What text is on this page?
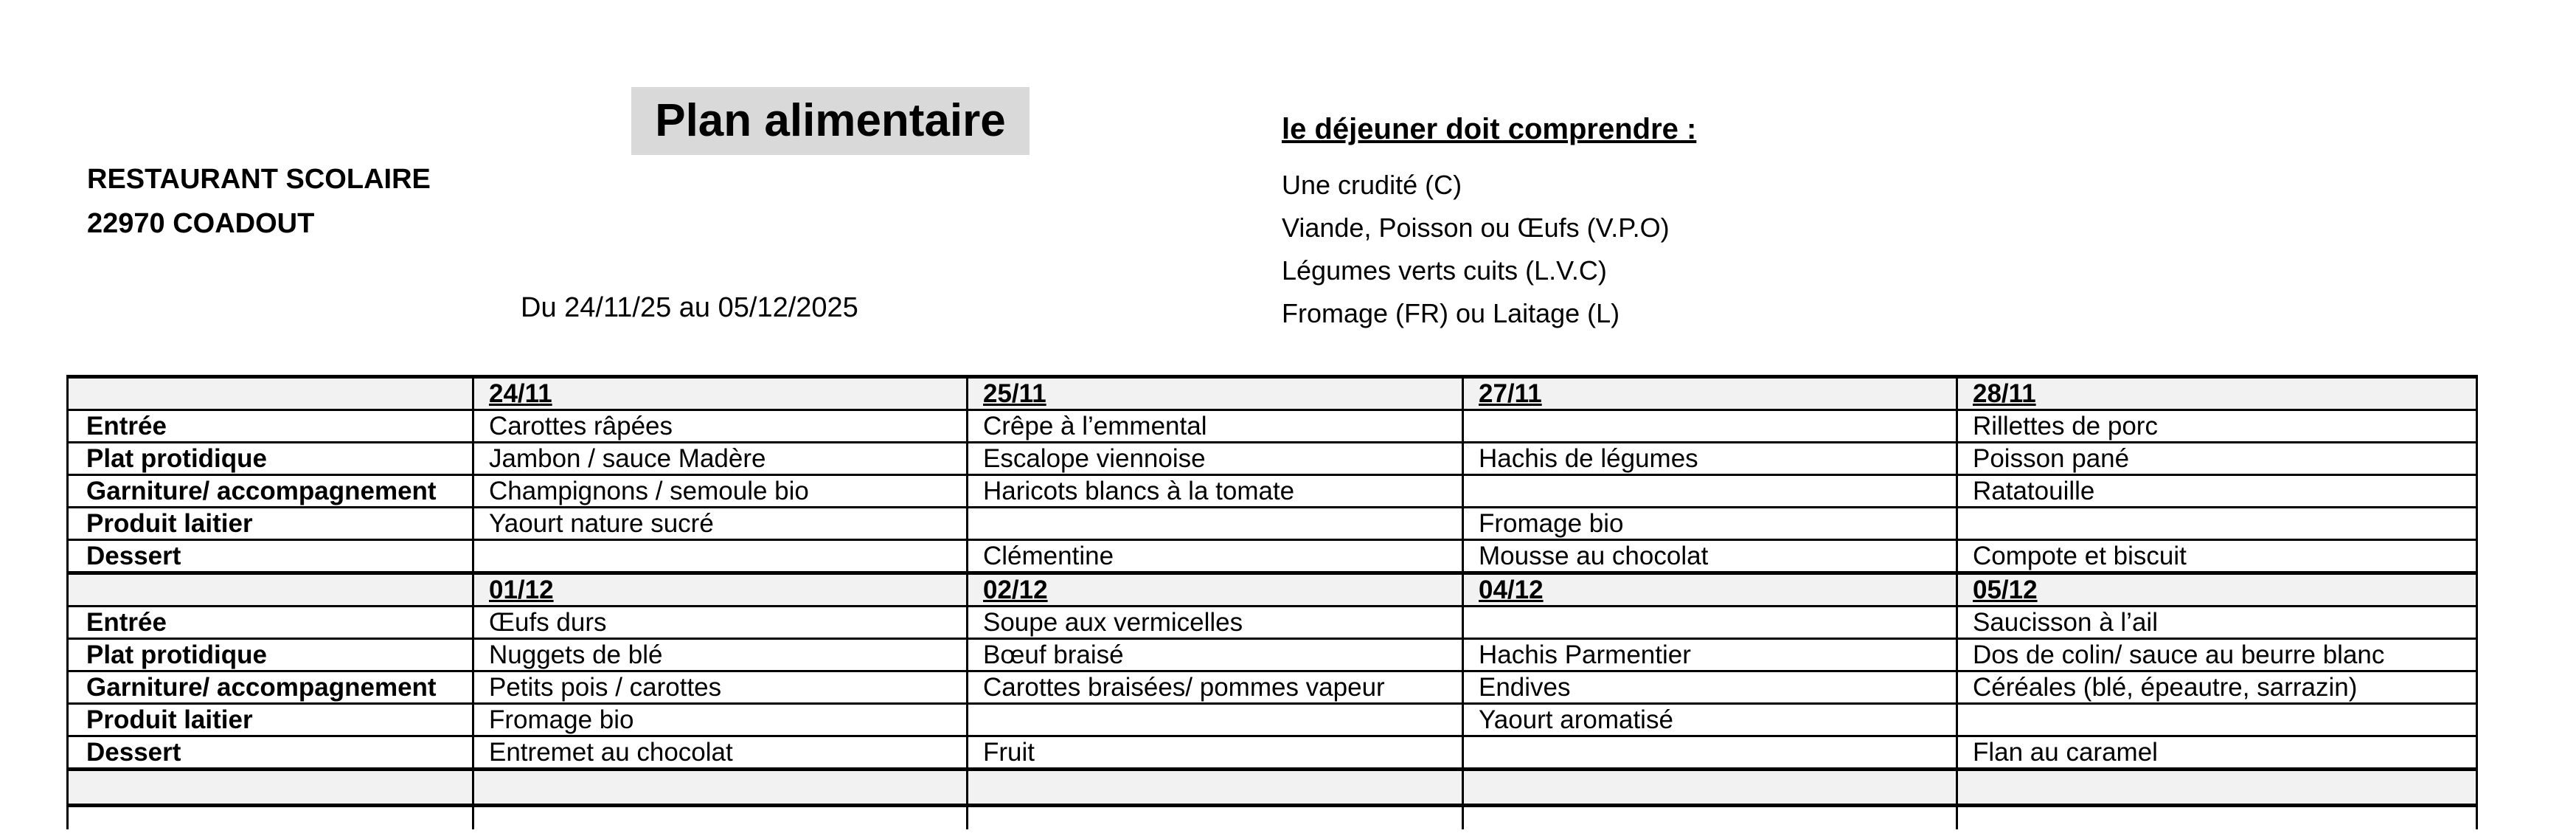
Plan alimentaire
RESTAURANT SCOLAIRE
22970 COADOUT
Du 24/11/25 au 05/12/2025
le déjeuner doit comprendre :
Une crudité (C)
Viande, Poisson ou Œufs (V.P.O)
Légumes verts cuits (L.V.C)
Fromage (FR) ou Laitage (L)
	24/11	25/11	27/11	28/11
Entrée	Carottes râpées	Crêpe à l’emmental		Rillettes de porc
Plat protidique	Jambon / sauce Madère	Escalope viennoise	Hachis de légumes	Poisson pané
Garniture/ accompagnement	Champignons / semoule bio	Haricots blancs à la tomate		Ratatouille
Produit laitier	Yaourt nature sucré		Fromage bio	
Dessert		Clémentine	Mousse au chocolat	Compote et biscuit
	01/12	02/12	04/12	05/12
Entrée	Œufs durs	Soupe aux vermicelles		Saucisson à l’ail
Plat protidique	Nuggets de blé	Bœuf braisé	Hachis Parmentier	Dos de colin/ sauce au beurre blanc
Garniture/ accompagnement	Petits pois / carottes	Carottes braisées/ pommes vapeur	Endives	Céréales (blé, épeautre, sarrazin)
Produit laitier	Fromage bio		Yaourt aromatisé	
Dessert	Entremet au chocolat	Fruit		Flan au caramel
